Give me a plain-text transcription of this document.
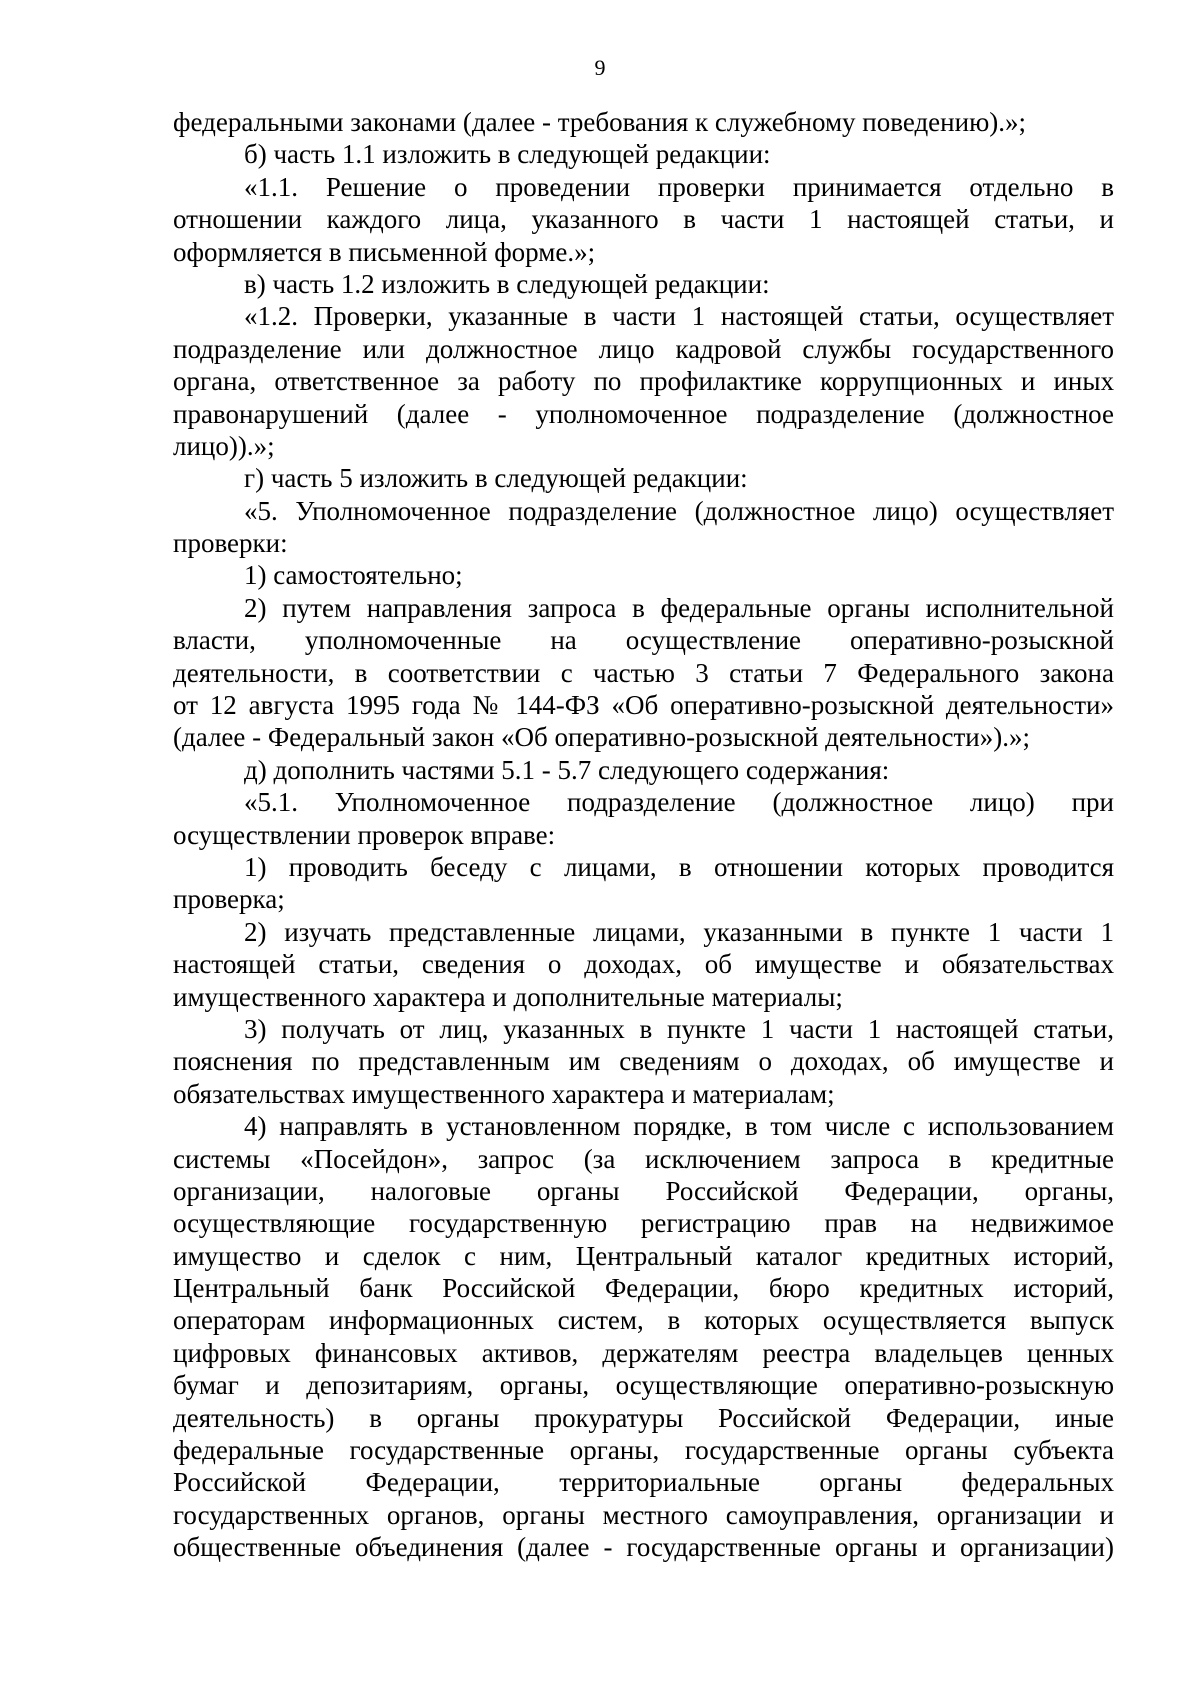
9
федеральными законами (далее - требования к служебному поведению).»;
б) часть 1.1 изложить в следующей редакции:
«1.1. Решение о проведении проверки принимается отдельно в
отношении каждого лица, указанного в части 1 настоящей статьи, и
оформляется в письменной форме.»;
в) часть 1.2 изложить в следующей редакции:
«1.2. Проверки, указанные в части 1 настоящей статьи, осуществляет
подразделение или должностное лицо кадровой службы государственного
органа, ответственное за работу по профилактике коррупционных и иных
правонарушений (далее - уполномоченное подразделение (должностное
лицо)).»;
г) часть 5 изложить в следующей редакции:
«5. Уполномоченное подразделение (должностное лицо) осуществляет
проверки:
1) самостоятельно;
2) путем направления запроса в федеральные органы исполнительной
власти, уполномоченные на осуществление оперативно-розыскной
деятельности, в соответствии с частью 3 статьи 7 Федерального закона
от 12 августа 1995 года № 144-ФЗ «Об оперативно-розыскной деятельности»
(далее - Федеральный закон «Об оперативно-розыскной деятельности»).»;
д) дополнить частями 5.1 - 5.7 следующего содержания:
«5.1. Уполномоченное подразделение (должностное лицо) при
осуществлении проверок вправе:
1) проводить беседу с лицами, в отношении которых проводится
проверка;
2) изучать представленные лицами, указанными в пункте 1 части 1
настоящей статьи, сведения о доходах, об имуществе и обязательствах
имущественного характера и дополнительные материалы;
3) получать от лиц, указанных в пункте 1 части 1 настоящей статьи,
пояснения по представленным им сведениям о доходах, об имуществе и
обязательствах имущественного характера и материалам;
4) направлять в установленном порядке, в том числе с использованием
системы «Посейдон», запрос (за исключением запроса в кредитные
организации, налоговые органы Российской Федерации, органы,
осуществляющие государственную регистрацию прав на недвижимое
имущество и сделок с ним, Центральный каталог кредитных историй,
Центральный банк Российской Федерации, бюро кредитных историй,
операторам информационных систем, в которых осуществляется выпуск
цифровых финансовых активов, держателям реестра владельцев ценных
бумаг и депозитариям, органы, осуществляющие оперативно-розыскную
деятельность) в органы прокуратуры Российской Федерации, иные
федеральные государственные органы, государственные органы субъекта
Российской Федерации, территориальные органы федеральных
государственных органов, органы местного самоуправления, организации и
общественные объединения (далее - государственные органы и организации)
